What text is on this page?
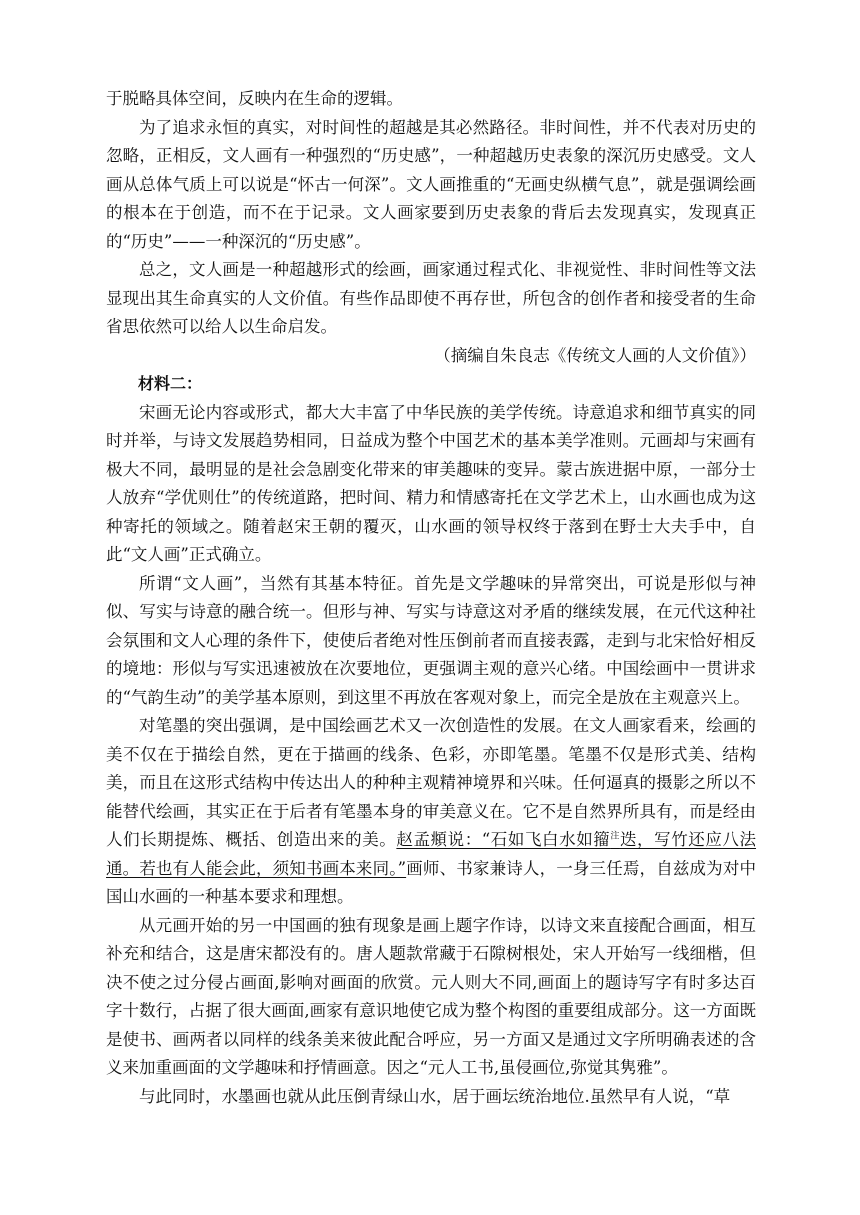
于脱略具体空间，反映内在生命的逻辑。

为了追求永恒的真实，对时间性的超越是其必然路径。非时间性，并不代表对历史的忽略，正相反，文人画有一种强烈的“历史感”，一种超越历史表象的深沉历史感受。文人画从总体气质上可以说是“怀古一何深”。文人画推重的“无画史纵横气息”，就是强调绘画的根本在于创造，而不在于记录。文人画家要到历史表象的背后去发现真实，发现真正的“历史”——一种深沉的“历史感”。

总之，文人画是一种超越形式的绘画，画家通过程式化、非视觉性、非时间性等文法显现出其生命真实的人文价值。有些作品即使不再存世，所包含的创作者和接受者的生命省思依然可以给人以生命启发。

（摘编自朱良志《传统文人画的人文价值》）

材料二：

宋画无论内容或形式，都大大丰富了中华民族的美学传统。诗意追求和细节真实的同时并举，与诗文发展趋势相同，日益成为整个中国艺术的基本美学准则。元画却与宋画有极大不同，最明显的是社会急剧变化带来的审美趣味的变异。蒙古族进据中原，一部分士人放弃“学优则仕”的传统道路，把时间、精力和情感寄托在文学艺术上，山水画也成为这种寄托的领域之。随着赵宋王朝的覆灭，山水画的领导权终于落到在野士大夫手中，自此“文人画”正式确立。

所谓“文人画”，当然有其基本特征。首先是文学趣味的异常突出，可说是形似与神似、写实与诗意的融合统一。但形与神、写实与诗意这对矛盾的继续发展，在元代这种社会氛围和文人心理的条件下，使使后者绝对性压倒前者而直接表露，走到与北宋恰好相反的境地：形似与写实迅速被放在次要地位，更强调主观的意兴心绪。中国绘画中一贯讲求的“气韵生动”的美学基本原则，到这里不再放在客观对象上，而完全是放在主观意兴上。

对笔墨的突出强调，是中国绘画艺术又一次创造性的发展。在文人画家看来，绘画的美不仅在于描绘自然，更在于描画的线条、色彩，亦即笔墨。笔墨不仅是形式美、结构美，而且在这形式结构中传达出人的种种主观精神境界和兴味。任何逼真的摄影之所以不能替代绘画，其实正在于后者有笔墨本身的审美意义在。它不是自然界所具有，而是经由人们长期提炼、概括、创造出来的美。赵孟頫说：“石如飞白水如籀$^注$迭，写竹还应八法通。若也有人能会此，须知书画本来同。”画师、书家兼诗人，一身三任焉，自兹成为对中国山水画的一种基本要求和理想。

从元画开始的另一中国画的独有现象是画上题字作诗，以诗文来直接配合画面，相互补充和结合，这是唐宋都没有的。唐人题款常藏于石隙树根处，宋人开始写一线细楷，但决不使之过分侵占画面,影响对画面的欣赏。元人则大不同,画面上的题诗写字有时多达百字十数行，占据了很大画面,画家有意识地使它成为整个构图的重要组成部分。这一方面既是使书、画两者以同样的线条美来彼此配合呼应，另一方面又是通过文字所明确表述的含义来加重画面的文学趣味和抒情画意。因之“元人工书,虽侵画位,弥觉其隽雅”。

与此同时，水墨画也就从此压倒青绿山水，居于画坛统治地位.虽然早有人说，“草
